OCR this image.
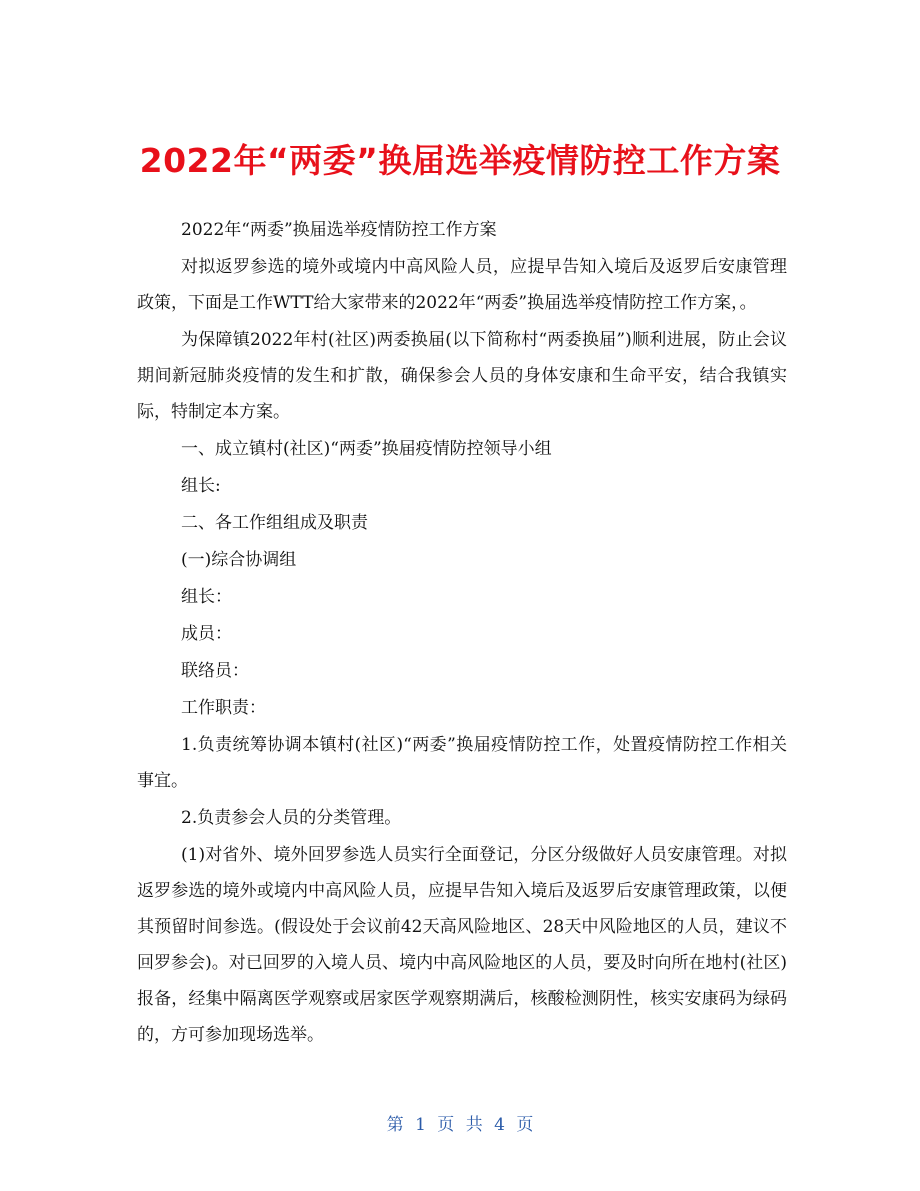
2022年“两委”换届选举疫情防控工作方案

2022年“两委”换届选举疫情防控工作方案

对拟返罗参选的境外或境内中高风险人员，应提早告知入境后及返罗后安康管理政策，下面是工作WTT给大家带来的2022年“两委”换届选举疫情防控工作方案，。

为保障镇2022年村(社区)两委换届(以下简称村“两委换届”)顺利进展，防止会议期间新冠肺炎疫情的发生和扩散，确保参会人员的身体安康和生命平安，结合我镇实际，特制定本方案。

一、成立镇村(社区)“两委”换届疫情防控领导小组

组长:

二、各工作组组成及职责

(一)综合协调组

组长：

成员：

联络员：

工作职责：

1.负责统筹协调本镇村(社区)“两委”换届疫情防控工作，处置疫情防控工作相关事宜。

2.负责参会人员的分类管理。

(1)对省外、境外回罗参选人员实行全面登记，分区分级做好人员安康管理。对拟返罗参选的境外或境内中高风险人员，应提早告知入境后及返罗后安康管理政策，以便其预留时间参选。(假设处于会议前42天高风险地区、28天中风险地区的人员，建议不回罗参会)。对已回罗的入境人员、境内中高风险地区的人员，要及时向所在地村(社区)报备，经集中隔离医学观察或居家医学观察期满后，核酸检测阴性，核实安康码为绿码的，方可参加现场选举。

第 1 页 共 4 页
